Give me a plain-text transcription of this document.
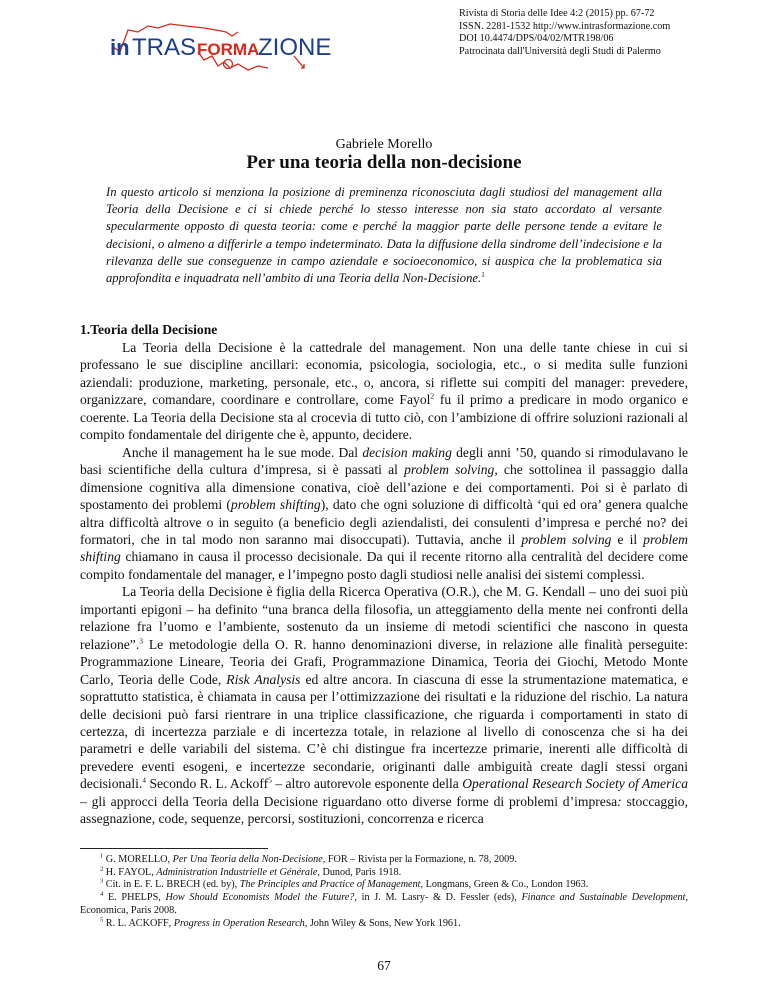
in TRAS FORMA
ZIONE
Rivista di Storia delle Idee 4:2 (2015) pp. 67-72
ISSN. 2281-1532 http://www.intrasformazione.com
DOI 10.4474/DPS/04/02/MTR198/06
Patrocinata dall'Università degli Studi di Palermo
Gabriele Morello
Per una teoria della non-decisione
In questo articolo si menziona la posizione di preminenza riconosciuta dagli studiosi del management alla Teoria della Decisione e ci si chiede perché lo stesso interesse non sia stato accordato al versante specularmente opposto di questa teoria: come e perché la maggior parte delle persone tende a evitare le decisioni, o almeno a differirle a tempo indeterminato. Data la diffusione della sindrome dell’indecisione e la rilevanza delle sue conseguenze in campo aziendale e socioeconomico, si auspica che la problematica sia approfondita e inquadrata nell’ambito di una Teoria della Non-Decisione.$^1$
1.Teoria della Decisione

La Teoria della Decisione è la cattedrale del management. Non una delle tante chiese in cui si professano le sue discipline ancillari: economia, psicologia, sociologia, etc., o si medita sulle funzioni aziendali: produzione, marketing, personale, etc., o, ancora, si riflette sui compiti del manager: prevedere, organizzare, comandare, coordinare e controllare, come Fayol$^2$ fu il primo a predicare in modo organico e coerente. La Teoria della Decisione sta al crocevia di tutto ciò, con l’ambizione di offrire soluzioni razionali al compito fondamentale del dirigente che è, appunto, decidere.

Anche il management ha le sue mode. Dal decision making degli anni ’50, quando si rimodulavano le basi scientifiche della cultura d’impresa, si è passati al problem solving, che sottolinea il passaggio dalla dimensione cognitiva alla dimensione conativa, cioè dell’azione e dei comportamenti. Poi si è parlato di spostamento dei problemi (problem shifting), dato che ogni soluzione di difficoltà ‘qui ed ora’ genera qualche altra difficoltà altrove o in seguito (a beneficio degli aziendalisti, dei consulenti d’impresa e perché no? dei formatori, che in tal modo non saranno mai disoccupati). Tuttavia, anche il problem solving e il problem shifting chiamano in causa il processo decisionale. Da qui il recente ritorno alla centralità del decidere come compito fondamentale del manager, e l’impegno posto dagli studiosi nelle analisi dei sistemi complessi.

La Teoria della Decisione è figlia della Ricerca Operativa (O.R.), che M. G. Kendall – uno dei suoi più importanti epigoni – ha definito “una branca della filosofia, un atteggiamento della mente nei confronti della relazione fra l’uomo e l’ambiente, sostenuto da un insieme di metodi scientifici che nascono in questa relazione”.$^3$ Le metodologie della O. R. hanno denominazioni diverse, in relazione alle finalità perseguite: Programmazione Lineare, Teoria dei Grafi, Programmazione Dinamica, Teoria dei Giochi, Metodo Monte Carlo, Teoria delle Code, Risk Analysis ed altre ancora. In ciascuna di esse la strumentazione matematica, e soprattutto statistica, è chiamata in causa per l’ottimizzazione dei risultati e la riduzione del rischio. La natura delle decisioni può farsi rientrare in una triplice classificazione, che riguarda i comportamenti in stato di certezza, di incertezza parziale e di incertezza totale, in relazione al livello di conoscenza che si ha dei parametri e delle variabili del sistema. C’è chi distingue fra incertezze primarie, inerenti alle difficoltà di prevedere eventi esogeni, e incertezze secondarie, originanti dalle ambiguità create dagli stessi organi decisionali.$^4$ Secondo R. L. Ackoff$^5$ – altro autorevole esponente della Operational Research Society of America – gli approcci della Teoria della Decisione riguardano otto diverse forme di problemi d’impresa: stoccaggio, assegnazione, code, sequenze, percorsi, sostituzioni, concorrenza e ricerca

$^1$ G. MORELLO, Per Una Teoria della Non-Decisione, FOR – Rivista per la Formazione, n. 78, 2009.

$^2$ H. FAYOL, Administration Industrielle et Générale, Dunod, Paris 1918.

$^3$ Cit. in E. F. L. BRECH (ed. by), The Principles and Practice of Management, Longmans, Green & Co., London 1963.

$^4$ E. PHELPS, How Should Economists Model the Future?, in J. M. Lasry- & D. Fessler (eds), Finance and Sustainable Development, Economica, Paris 2008.

$^5$ R. L. ACKOFF, Progress in Operation Research, John Wiley & Sons, New York 1961.

67
